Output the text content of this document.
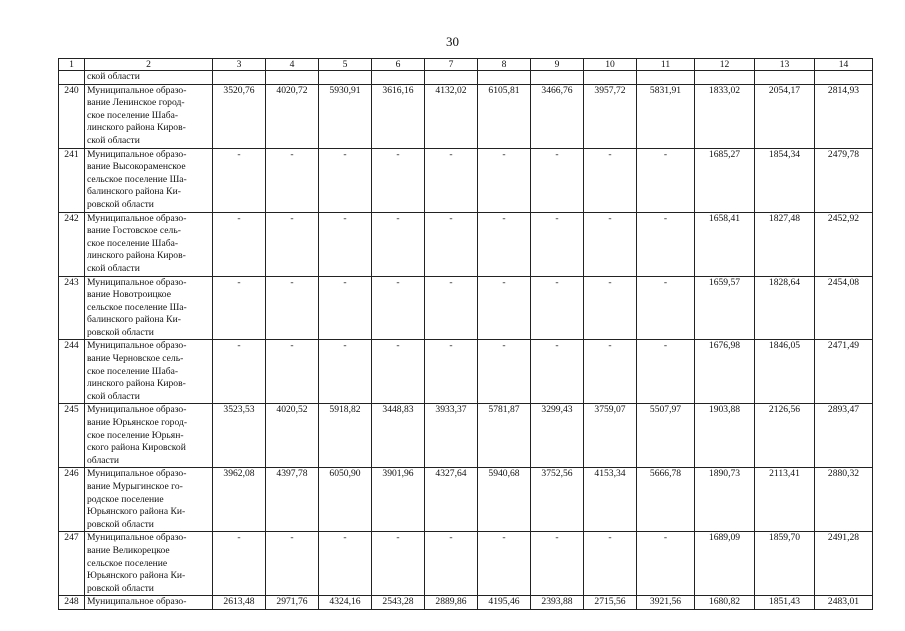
30
1	2	3	4	5	6	7	8	9	10	11	12	13	14
	ской области												
240	Муниципальное образо-
вание Ленинское город-
ское поселение Шаба-
линского района Киров-
ской области	3520,76	4020,72	5930,91	3616,16	4132,02	6105,81	3466,76	3957,72	5831,91	1833,02	2054,17	2814,93
241	Муниципальное образо-
вание Высокораменское
сельское поселение Ша-
балинского района Ки-
ровской области	-	-	-	-	-	-	-	-	-	1685,27	1854,34	2479,78
242	Муниципальное образо-
вание Гостовское сель-
ское поселение Шаба-
линского района Киров-
ской области	-	-	-	-	-	-	-	-	-	1658,41	1827,48	2452,92
243	Муниципальное образо-
вание Новотроицкое
сельское поселение Ша-
балинского района Ки-
ровской области	-	-	-	-	-	-	-	-	-	1659,57	1828,64	2454,08
244	Муниципальное образо-
вание Черновское сель-
ское поселение Шаба-
линского района Киров-
ской области	-	-	-	-	-	-	-	-	-	1676,98	1846,05	2471,49
245	Муниципальное образо-
вание Юрьянское город-
ское поселение Юрьян-
ского района Кировской
области	3523,53	4020,52	5918,82	3448,83	3933,37	5781,87	3299,43	3759,07	5507,97	1903,88	2126,56	2893,47
246	Муниципальное образо-
вание Мурыгинское го-
родское поселение
Юрьянского района Ки-
ровской области	3962,08	4397,78	6050,90	3901,96	4327,64	5940,68	3752,56	4153,34	5666,78	1890,73	2113,41	2880,32
247	Муниципальное образо-
вание Великорецкое
сельское поселение
Юрьянского района Ки-
ровской области	-	-	-	-	-	-	-	-	-	1689,09	1859,70	2491,28
248	Муниципальное образо-	2613,48	2971,76	4324,16	2543,28	2889,86	4195,46	2393,88	2715,56	3921,56	1680,82	1851,43	2483,01
